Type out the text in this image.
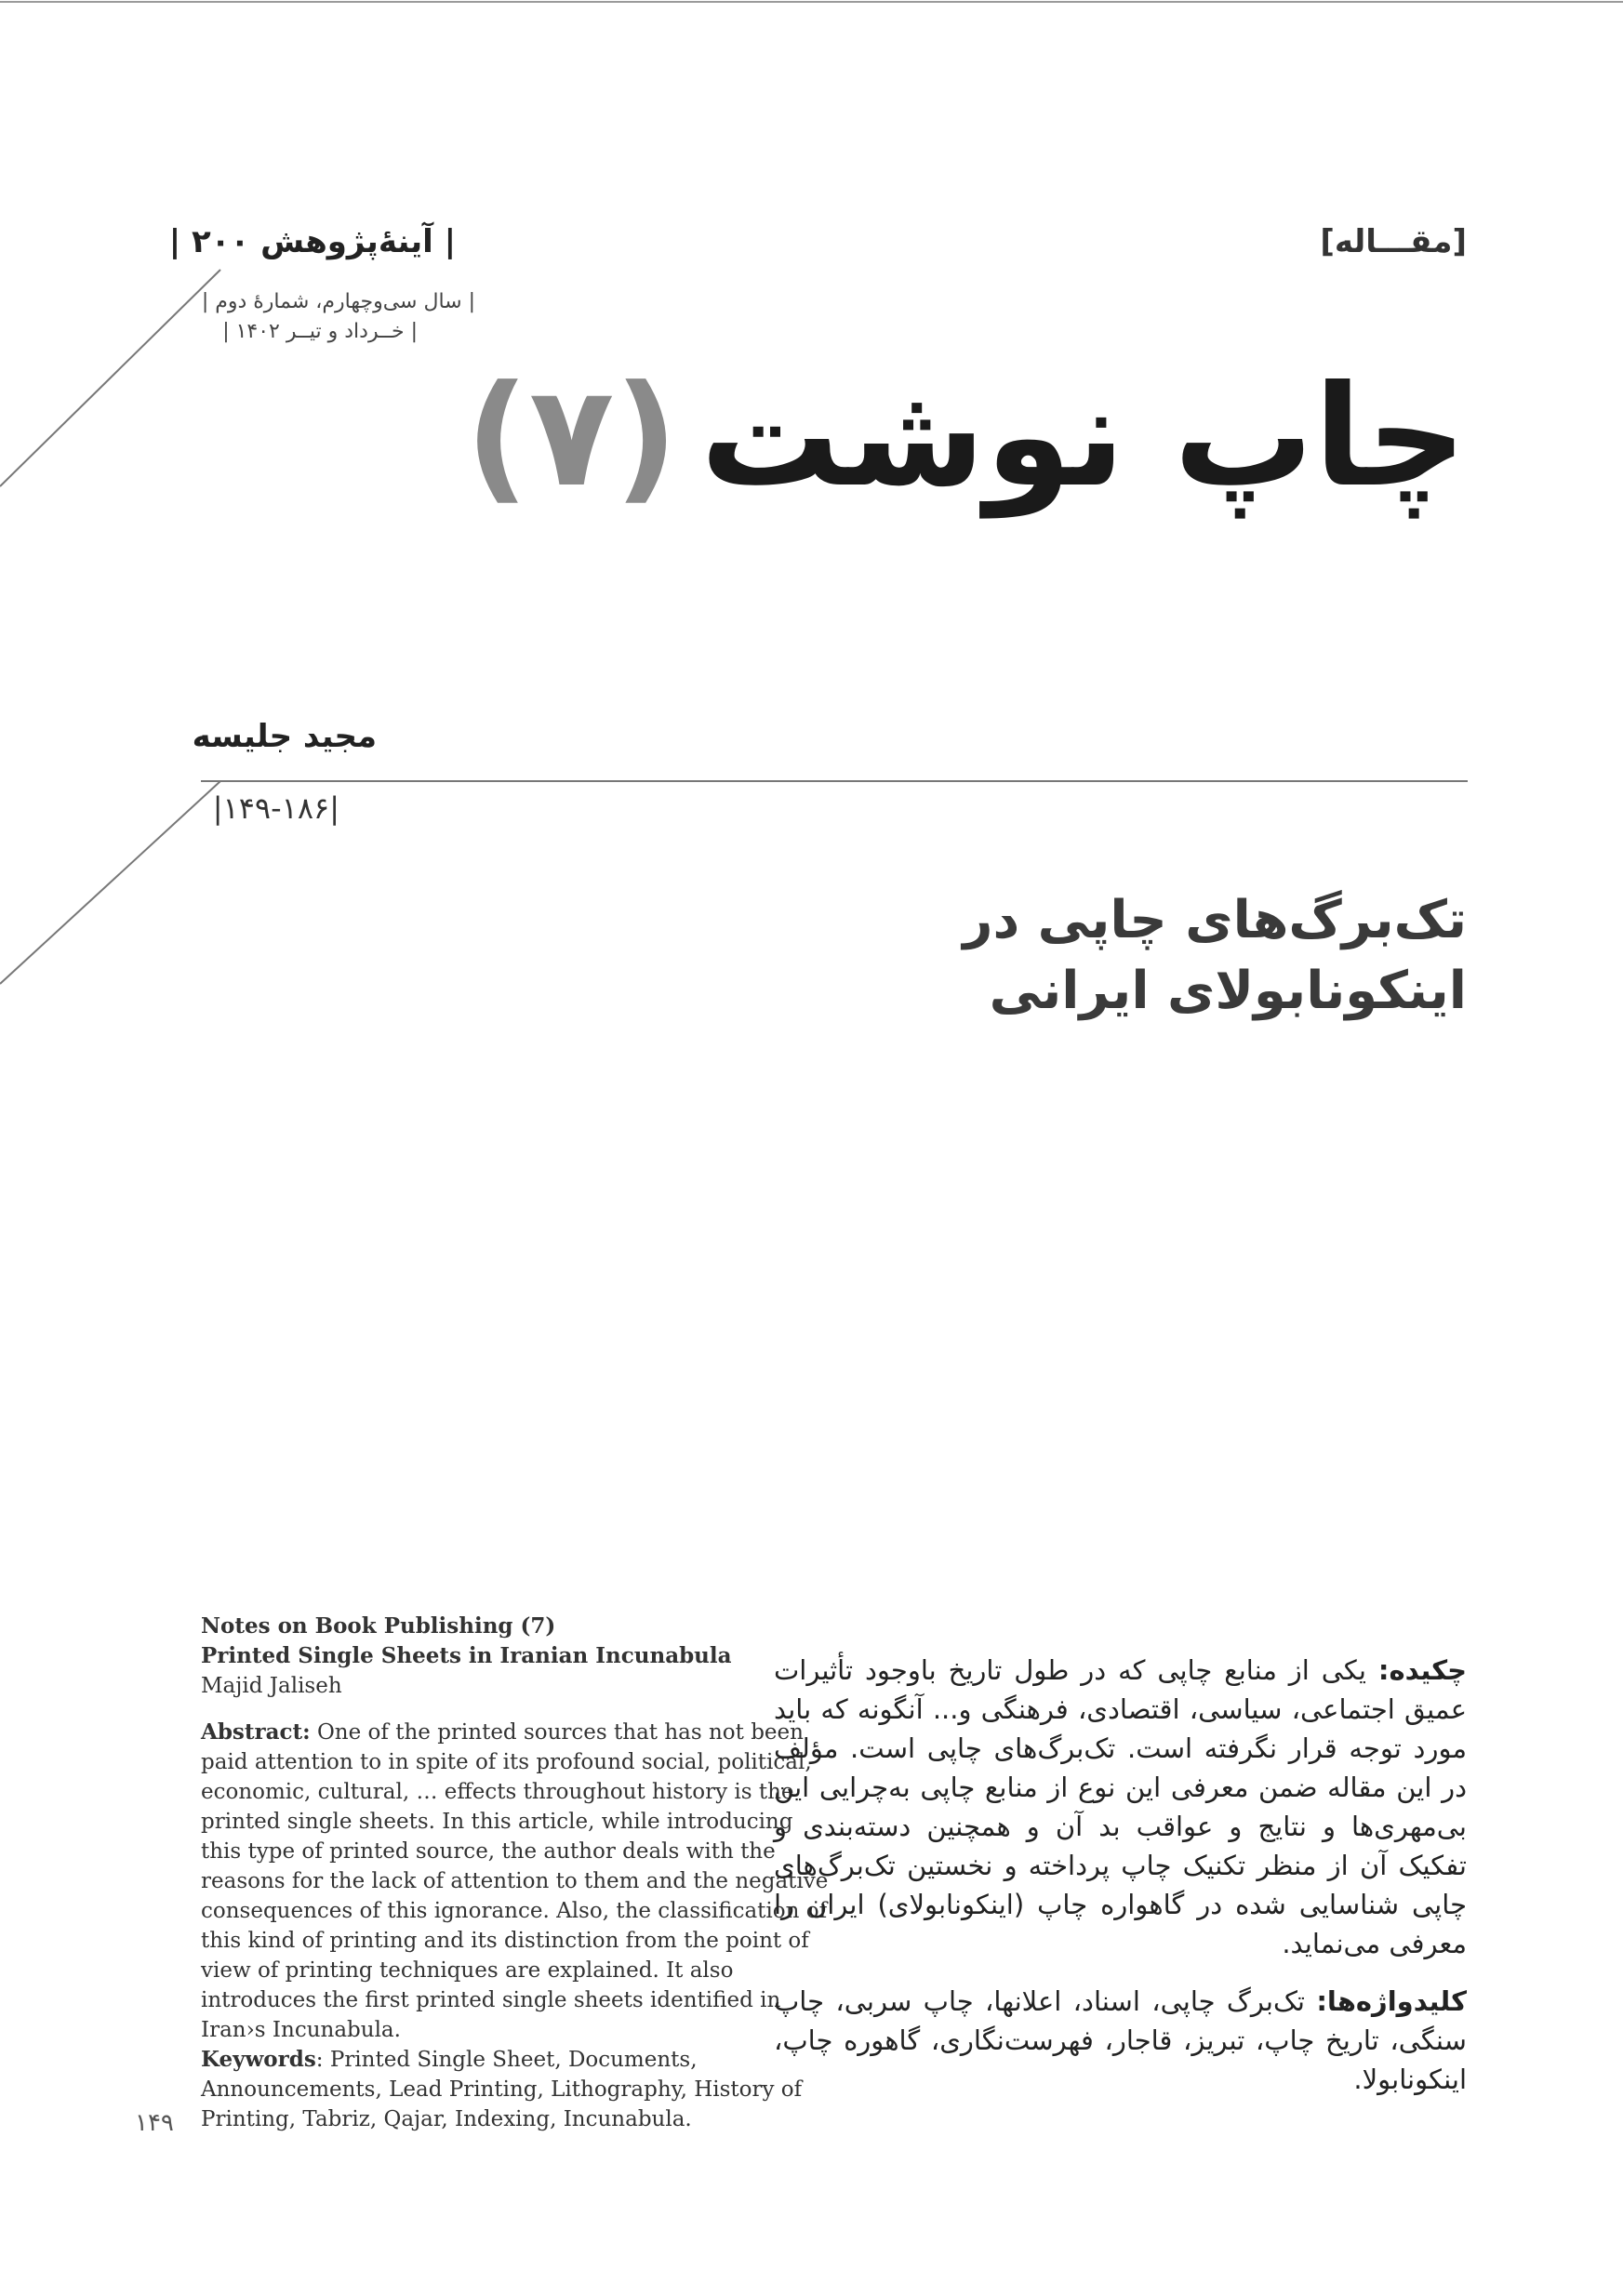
[مقـــاله]
| آینۀپژوهش ۲۰۰ |
| سال سی‌وچهارم، شمارۀ دوم |
| خــرداد و تیــر ۱۴۰۲ |
چاپ نوشت(۷)
مجید جلیسه
|۱۴۹-۱۸۶|
تک‌برگ‌های چاپی در
اینکونابولای ایرانی

Notes on Book Publishing (7)

Printed Single Sheets in Iranian Incunabula

Majid Jaliseh

Abstract: One of the printed sources that has not been paid attention to in spite of its profound social, political, economic, cultural, … effects throughout history is the printed single sheets. In this article, while introducing this type of printed source, the author deals with the reasons for the lack of attention to them and the negative consequences of this ignorance. Also, the classification of this kind of printing and its distinction from the point of view of printing techniques are explained. It also introduces the first printed single sheets identified in Iran›s Incunabula.

Keywords: Printed Single Sheet, Documents, Announcements, Lead Printing, Lithography, History of Printing, Tabriz, Qajar, Indexing, Incunabula.

چکیده: یکی از منابع چاپی که در طول تاریخ باوجود تأثیرات عمیق اجتماعی، سیاسی، اقتصادی، فرهنگی و... آنگونه که باید مورد توجه قرار نگرفته است. تک‌برگ‌های چاپی است. مؤلف در این مقاله ضمن معرفی این نوع از منابع چاپی به‌چرایی این بی‌مهری‌ها و نتایج و عواقب بد آن و همچنین دسته‌بندی و تفکیک آن از منظر تکنیک چاپ پرداخته و نخستین تک‌برگ‌های چاپی شناسایی شده در گاهواره چاپ (اینکونابولای) ایران را معرفی می‌نماید.

کلیدواژه‌ها: تک‌برگ چاپی، اسناد، اعلانها، چاپ سربی، چاپ سنگی، تاریخ چاپ، تبریز، قاجار، فهرست‌نگاری، گاهوره چاپ، اینکونابولا.

۱۴۹
